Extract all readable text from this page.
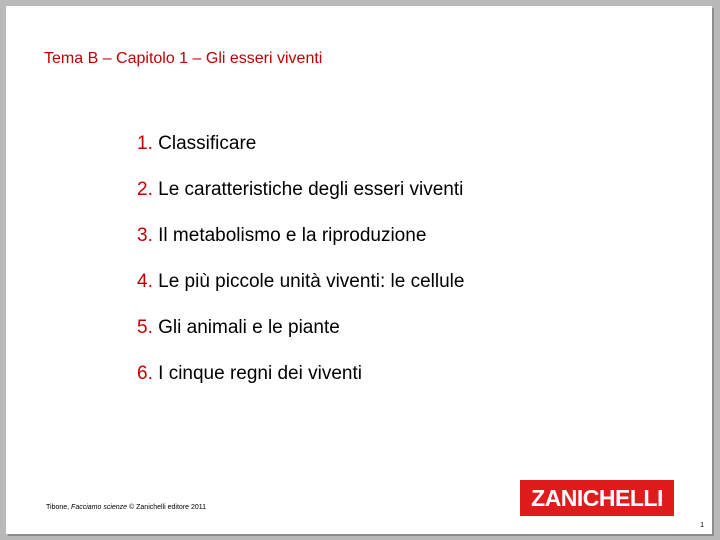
Tema B – Capitolo 1 – Gli esseri viventi
1. Classificare
2. Le caratteristiche degli esseri viventi
3. Il metabolismo e la riproduzione
4. Le più piccole unità viventi: le cellule
5. Gli animali e le piante
6. I cinque regni dei viventi
Tibone, Facciamo scienze © Zanichelli editore 2011	ZANICHELLI
1
